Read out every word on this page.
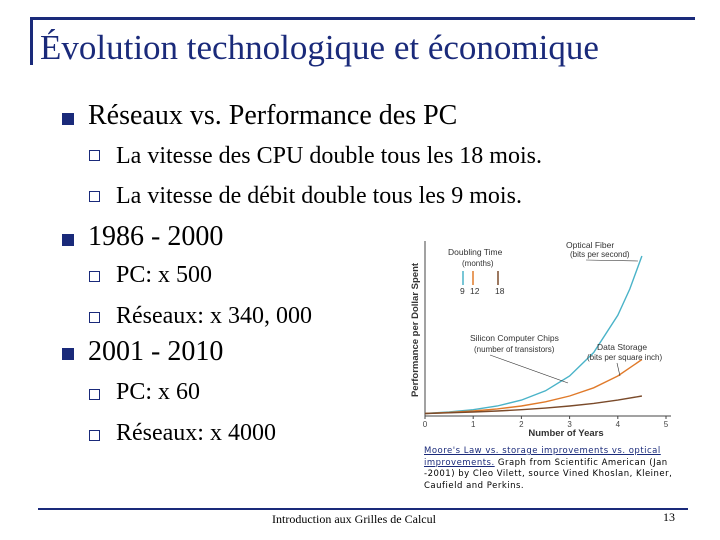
Évolution technologique et économique
Réseaux vs. Performance des PC
La vitesse des CPU double tous les 18 mois.
La vitesse de débit double tous les 9 mois.
1986 - 2000
PC: x 500
Réseaux: x 340, 000
2001 - 2010
PC: x 60
Réseaux: x 4000
Performance per Dollar Spent
Number of Years
0	1	2	3	4	5
Optical Fiber
(bits per second)
Data Storage
(bits per square inch)
Silicon Computer Chips
(number of transistors)
Doubling Time
(months)
9 12 18
Moore's Law vs. storage improvements vs. optical improvements. Graph from Scientific American (Jan -2001) by Cleo Vilett, source Vined Khoslan, Kleiner, Caufield and Perkins.
Introduction aux Grilles de Calcul	13
